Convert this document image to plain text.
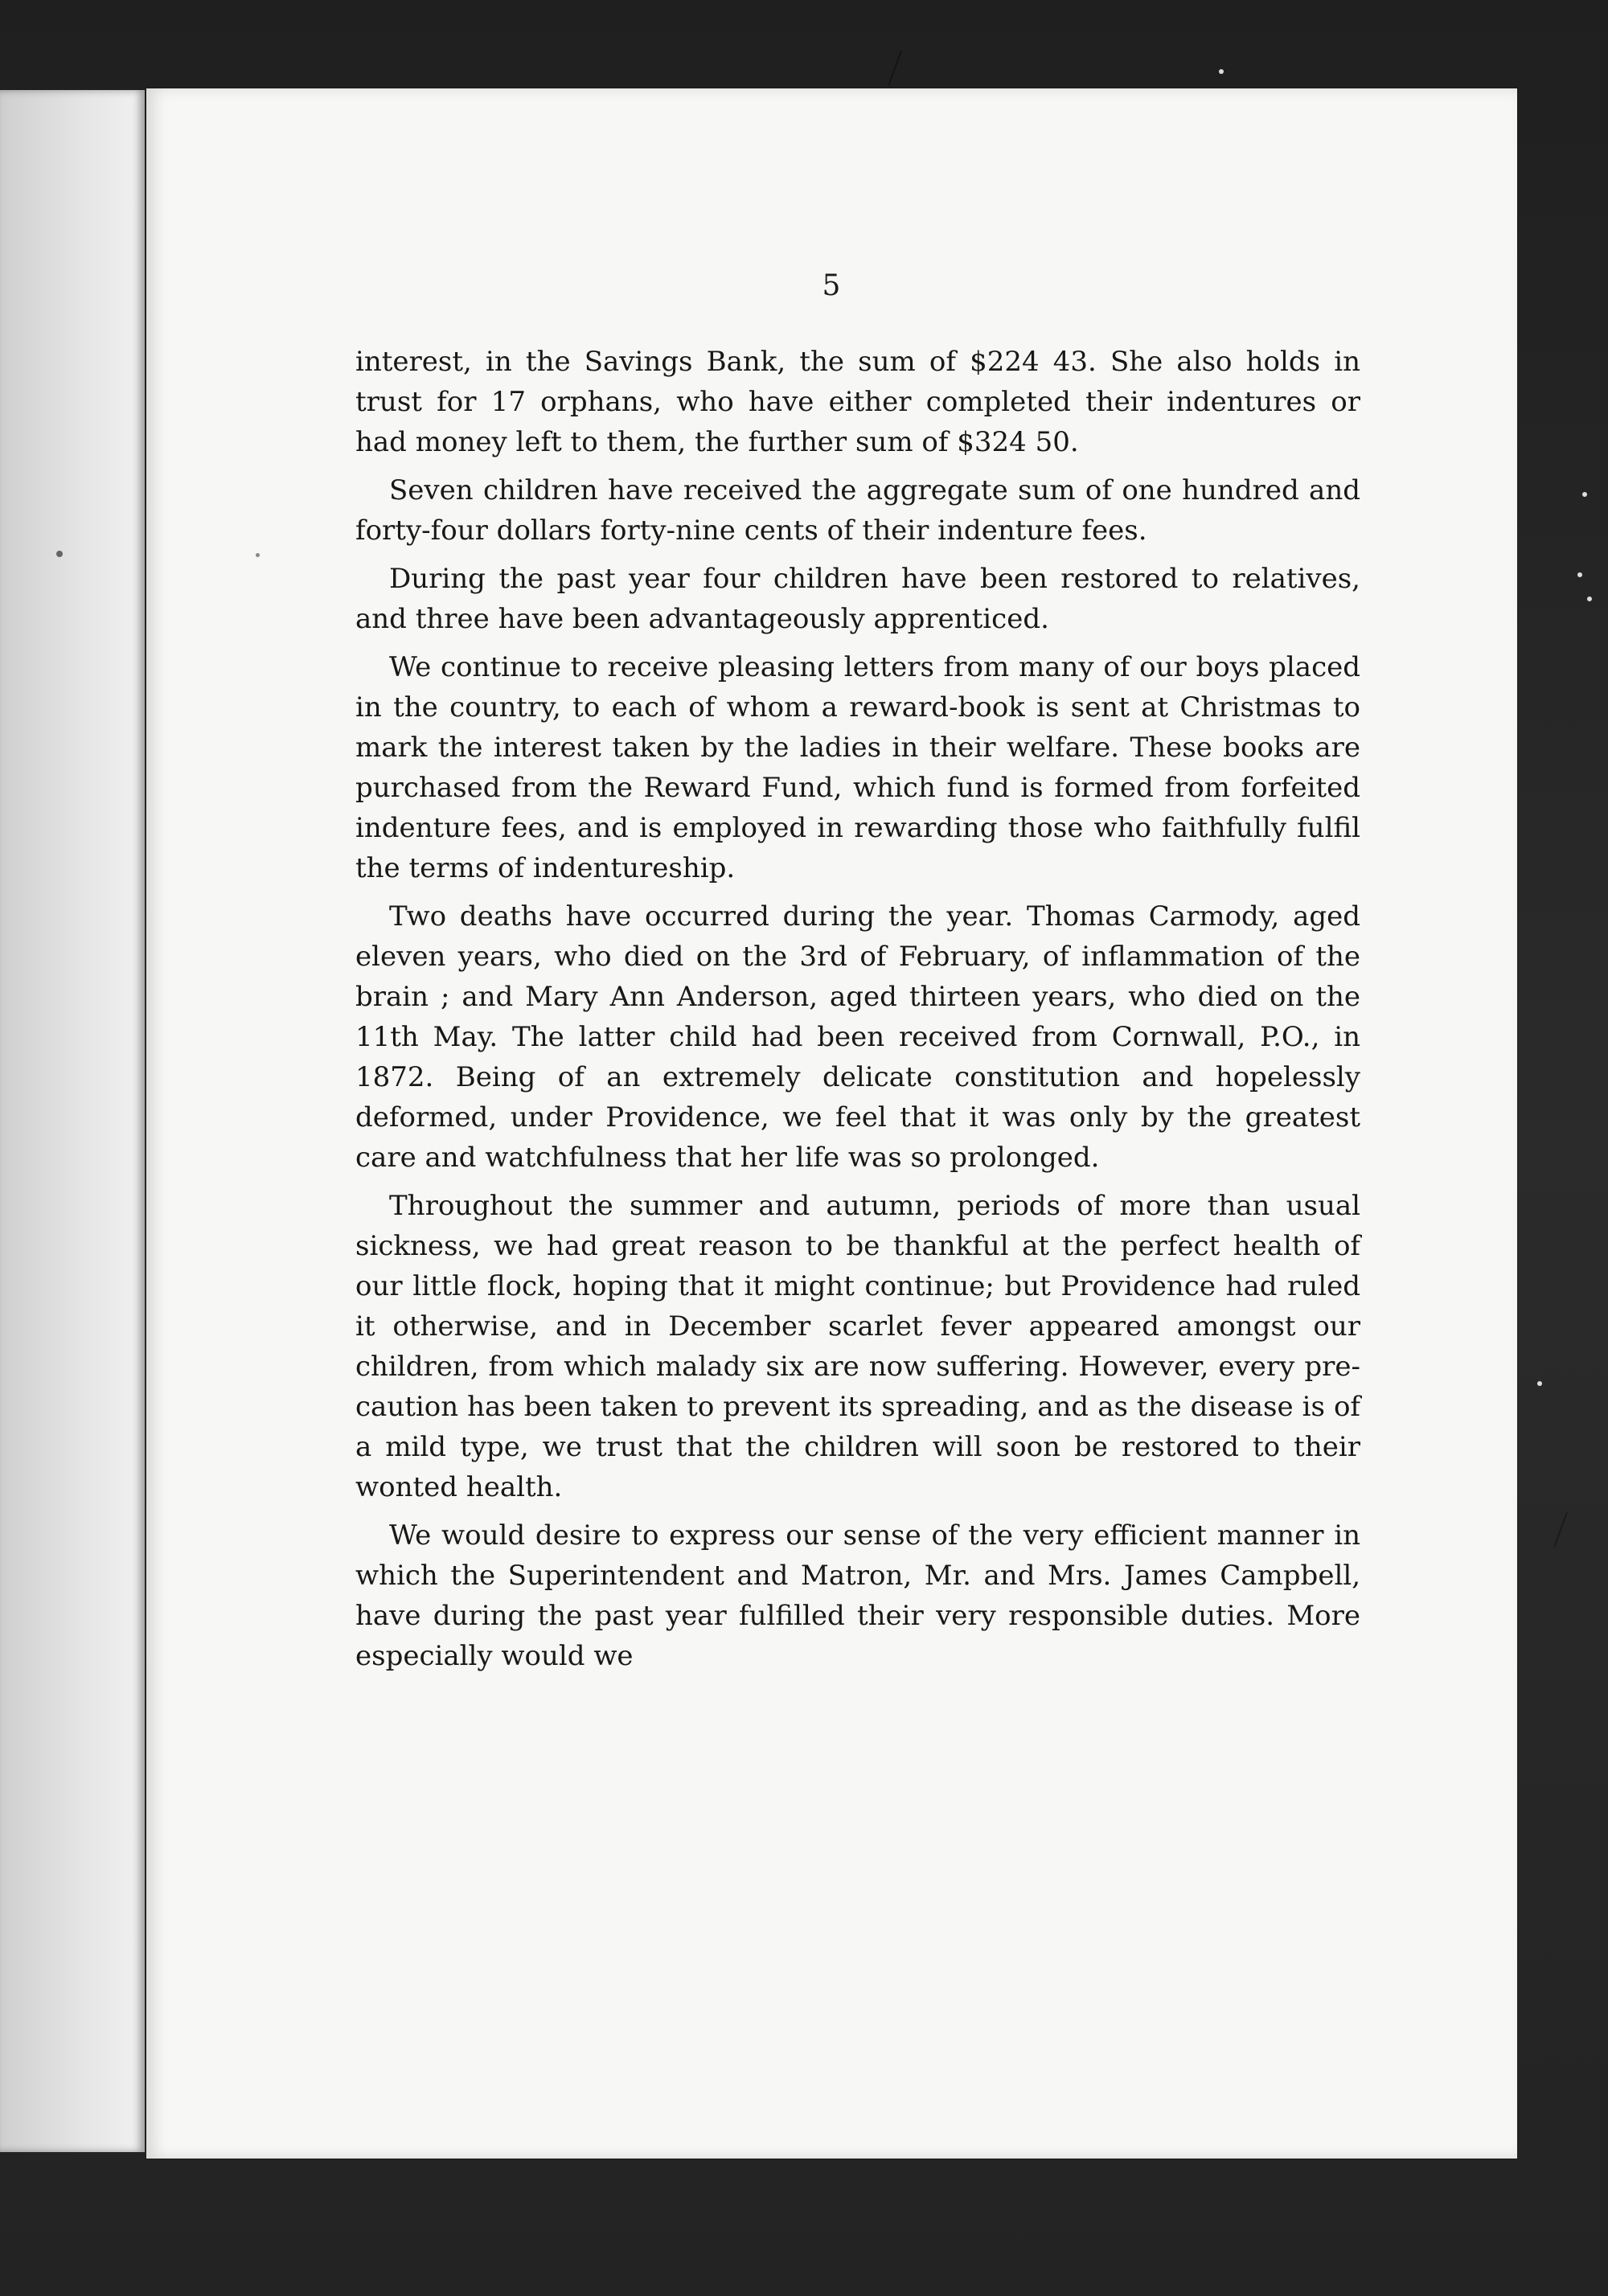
5

interest, in the Savings Bank, the sum of $224 43. She also holds in trust for 17 orphans, who have either completed their indentures or had money left to them, the further sum of $324 50.

Seven children have received the aggregate sum of one hundred and forty-four dollars forty-nine cents of their indenture fees.

During the past year four children have been restored to relatives, and three have been advantageously apprenticed.

We continue to receive pleasing letters from many of our boys placed in the country, to each of whom a reward-book is sent at Christmas to mark the interest taken by the ladies in their welfare. These books are purchased from the Reward Fund, which fund is formed from forfeited indenture fees, and is employed in rewarding those who faithfully fulfil the terms of indentureship.

Two deaths have occurred during the year. Thomas Carmody, aged eleven years, who died on the 3rd of February, of inflammation of the brain ; and Mary Ann Anderson, aged thirteen years, who died on the 11th May. The latter child had been received from Cornwall, P.O., in 1872. Being of an extremely delicate constitution and hopelessly deformed, under Providence, we feel that it was only by the greatest care and watchfulness that her life was so prolonged.

Throughout the summer and autumn, periods of more than usual sickness, we had great reason to be thankful at the perfect health of our little flock, hoping that it might continue; but Providence had ruled it otherwise, and in December scarlet fever appeared amongst our children, from which malady six are now suffering. However, every precaution has been taken to prevent its spreading, and as the disease is of a mild type, we trust that the children will soon be restored to their wonted health.

We would desire to express our sense of the very efficient manner in which the Superintendent and Matron, Mr. and Mrs. James Campbell, have during the past year fulfilled their very responsible duties. More especially would we
